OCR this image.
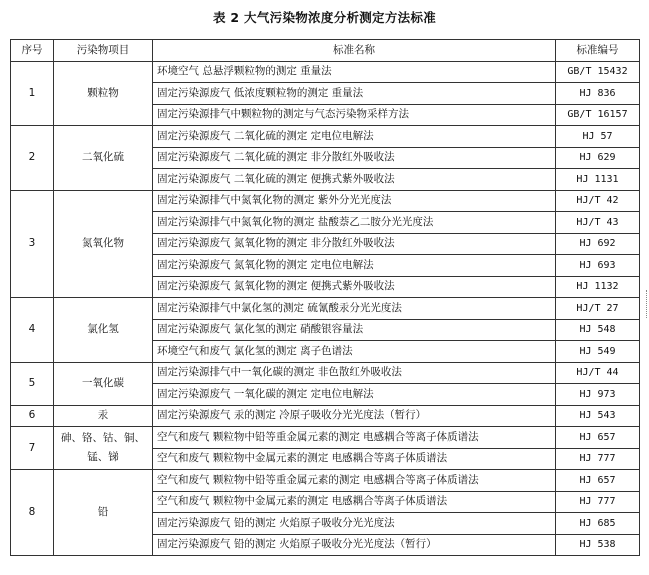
表 2 大气污染物浓度分析测定方法标准
序号	污染物项目	标准名称	标准编号
1	颗粒物	环境空气 总悬浮颗粒物的测定 重量法	GB/T 15432
		固定污染源废气 低浓度颗粒物的测定 重量法	HJ 836
		固定污染源排气中颗粒物的测定与气态污染物采样方法	GB/T 16157
2	二氧化硫	固定污染源废气 二氧化硫的测定 定电位电解法	HJ 57
		固定污染源废气 二氧化硫的测定 非分散红外吸收法	HJ 629
		固定污染源废气 二氧化硫的测定 便携式紫外吸收法	HJ 1131
3	氮氧化物	固定污染源排气中氮氧化物的测定 紫外分光光度法	HJ/T 42
		固定污染源排气中氮氧化物的测定 盐酸萘乙二胺分光光度法	HJ/T 43
		固定污染源废气 氮氧化物的测定 非分散红外吸收法	HJ 692
		固定污染源废气 氮氧化物的测定 定电位电解法	HJ 693
		固定污染源废气 氮氧化物的测定 便携式紫外吸收法	HJ 1132
4	氯化氢	固定污染源排气中氯化氢的测定 硫氰酸汞分光光度法	HJ/T 27
		固定污染源废气 氯化氢的测定 硝酸银容量法	HJ 548
		环境空气和废气 氯化氢的测定 离子色谱法	HJ 549
5	一氧化碳	固定污染源排气中一氧化碳的测定 非色散红外吸收法	HJ/T 44
		固定污染源废气 一氧化碳的测定 定电位电解法	HJ 973
6	汞	固定污染源废气 汞的测定 冷原子吸收分光光度法（暂行）	HJ 543
7	砷、铬、钴、铜、锰、锑	空气和废气 颗粒物中铅等重金属元素的测定 电感耦合等离子体质谱法	HJ 657
		空气和废气 颗粒物中金属元素的测定 电感耦合等离子体质谱法	HJ 777
8	铅	空气和废气 颗粒物中铅等重金属元素的测定 电感耦合等离子体质谱法	HJ 657
		空气和废气 颗粒物中金属元素的测定 电感耦合等离子体质谱法	HJ 777
		固定污染源废气 铅的测定 火焰原子吸收分光光度法	HJ 685
		固定污染源废气 铅的测定 火焰原子吸收分光光度法（暂行）	HJ 538
